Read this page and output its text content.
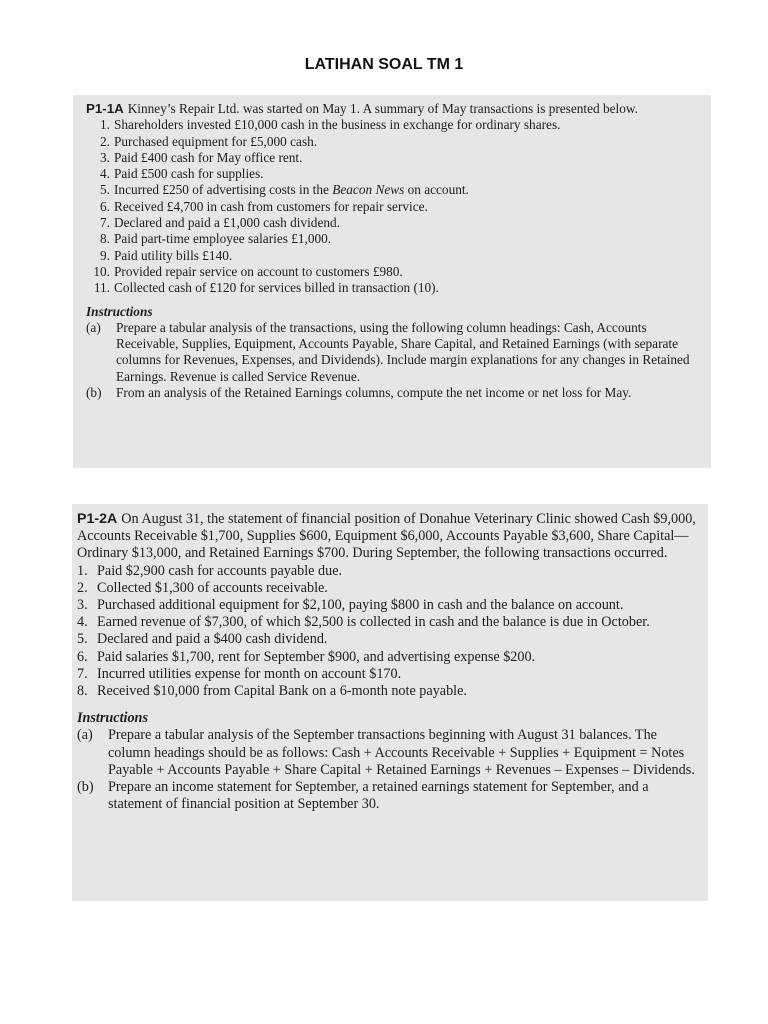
LATIHAN SOAL TM 1

P1-1A Kinney’s Repair Ltd. was started on May 1. A summary of May transactions is presented below.

1. Shareholders invested £10,000 cash in the business in exchange for ordinary shares.
2. Purchased equipment for £5,000 cash.
3. Paid £400 cash for May office rent.
4. Paid £500 cash for supplies.
5. Incurred £250 of advertising costs in the Beacon News on account.
6. Received £4,700 in cash from customers for repair service.
7. Declared and paid a £1,000 cash dividend.
8. Paid part-time employee salaries £1,000.
9. Paid utility bills £140.
10. Provided repair service on account to customers £980.
11. Collected cash of £120 for services billed in transaction (10).

Instructions

(a) Prepare a tabular analysis of the transactions, using the following column headings: Cash, Accounts Receivable, Supplies, Equipment, Accounts Payable, Share Capital, and Retained Earnings (with separate columns for Revenues, Expenses, and Dividends). Include margin explanations for any changes in Retained Earnings. Revenue is called Service Revenue.
(b) From an analysis of the Retained Earnings columns, compute the net income or net loss for May.

P1-2A On August 31, the statement of financial position of Donahue Veterinary Clinic showed Cash $9,000, Accounts Receivable $1,700, Supplies $600, Equipment $6,000, Accounts Payable $3,600, Share Capital—Ordinary $13,000, and Retained Earnings $700. During September, the following transactions occurred.

1. Paid $2,900 cash for accounts payable due.
2. Collected $1,300 of accounts receivable.
3. Purchased additional equipment for $2,100, paying $800 in cash and the balance on account.
4. Earned revenue of $7,300, of which $2,500 is collected in cash and the balance is due in October.
5. Declared and paid a $400 cash dividend.
6. Paid salaries $1,700, rent for September $900, and advertising expense $200.
7. Incurred utilities expense for month on account $170.
8. Received $10,000 from Capital Bank on a 6-month note payable.

Instructions

(a) Prepare a tabular analysis of the September transactions beginning with August 31 balances. The column headings should be as follows: Cash + Accounts Receivable + Supplies + Equipment = Notes Payable + Accounts Payable + Share Capital + Retained Earnings + Revenues – Expenses – Dividends.
(b) Prepare an income statement for September, a retained earnings statement for September, and a statement of financial position at September 30.
